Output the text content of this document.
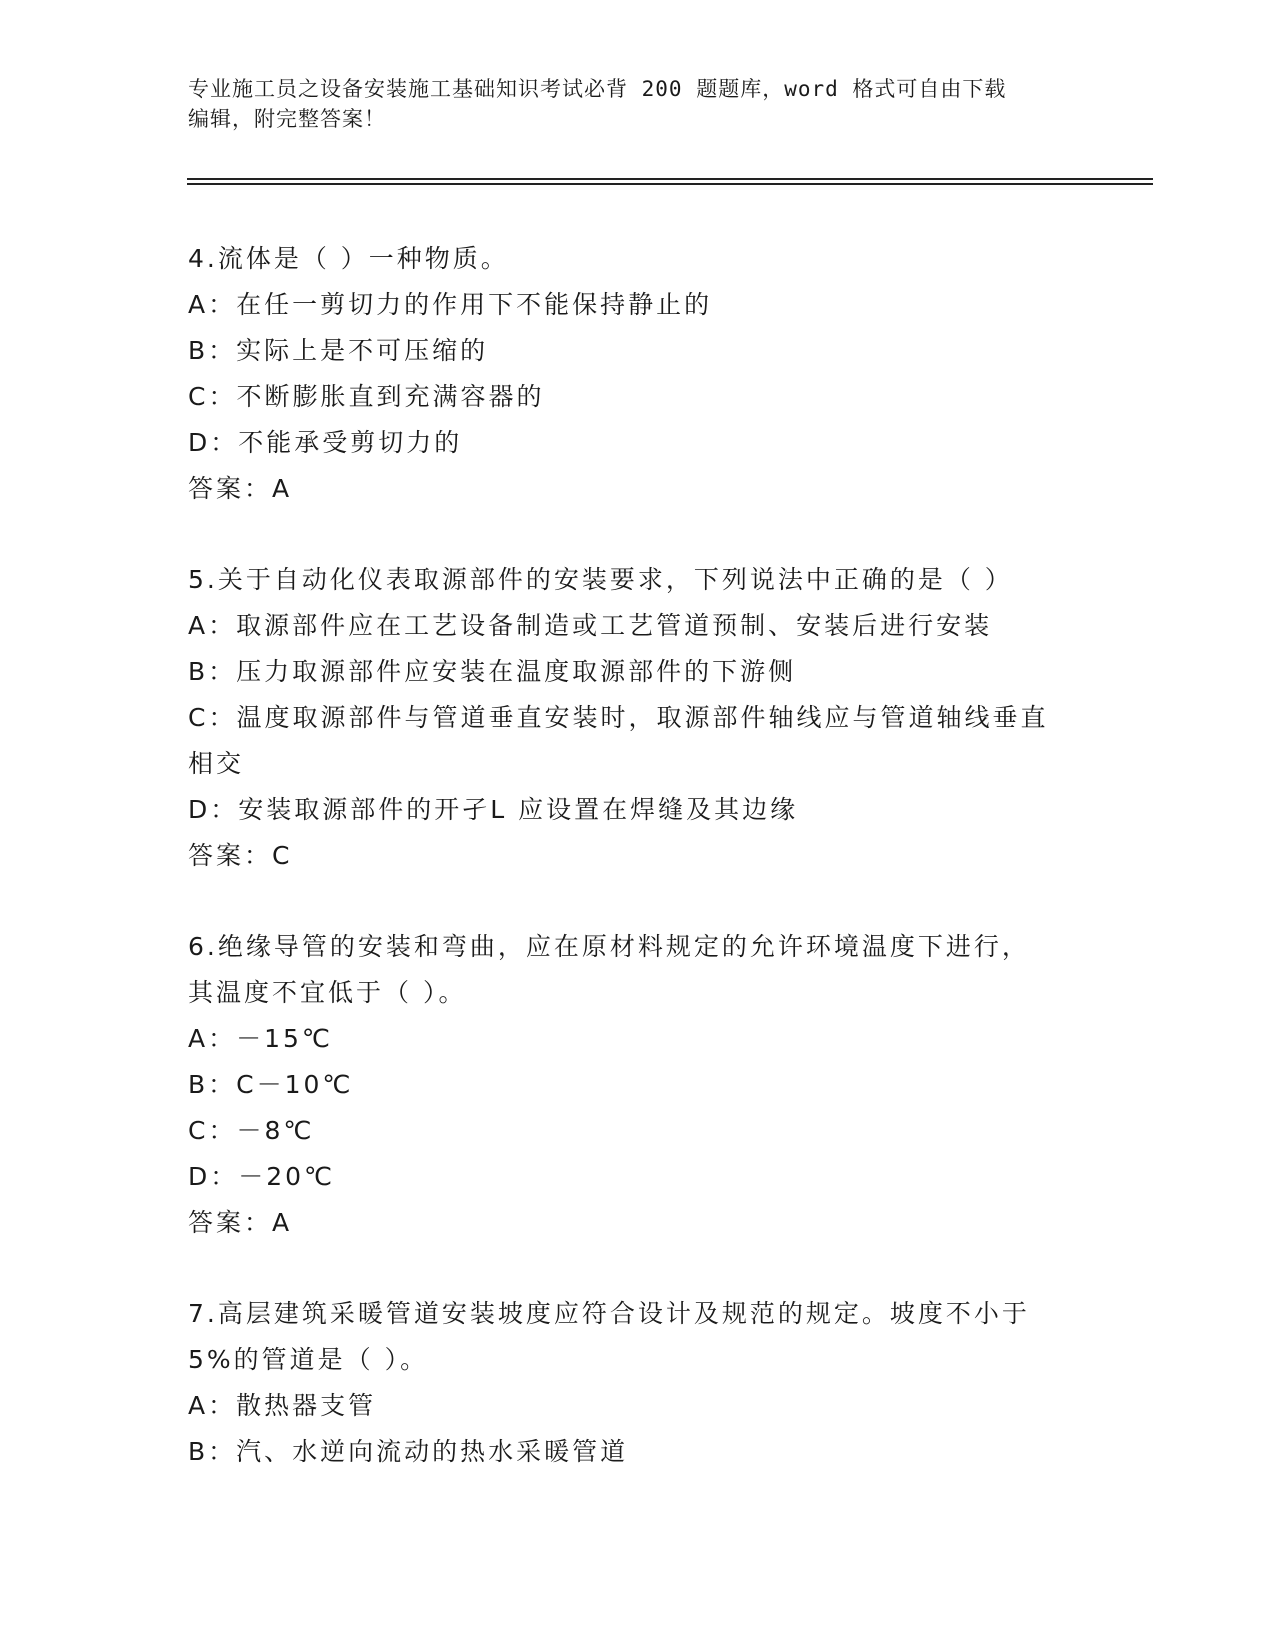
专业施工员之设备安装施工基础知识考试必背 200 题题库，word 格式可自由下载
编辑，附完整答案！
4.流体是（ ）一种物质。
A：在任一剪切力的作用下不能保持静止的
B：实际上是不可压缩的
C：不断膨胀直到充满容器的
D：不能承受剪切力的
答案：A
5.关于自动化仪表取源部件的安装要求，下列说法中正确的是（ ）
A：取源部件应在工艺设备制造或工艺管道预制、安装后进行安装
B：压力取源部件应安装在温度取源部件的下游侧
C：温度取源部件与管道垂直安装时，取源部件轴线应与管道轴线垂直
相交
D：安装取源部件的开孑L 应设置在焊缝及其边缘
答案：C
6.绝缘导管的安装和弯曲，应在原材料规定的允许环境温度下进行，
其温度不宜低于（ ）。
A：－15℃
B：C－10℃
C：－8℃
D：－20℃
答案：A
7.高层建筑采暖管道安装坡度应符合设计及规范的规定。坡度不小于
5%的管道是（ ）。
A：散热器支管
B：汽、水逆向流动的热水采暖管道
